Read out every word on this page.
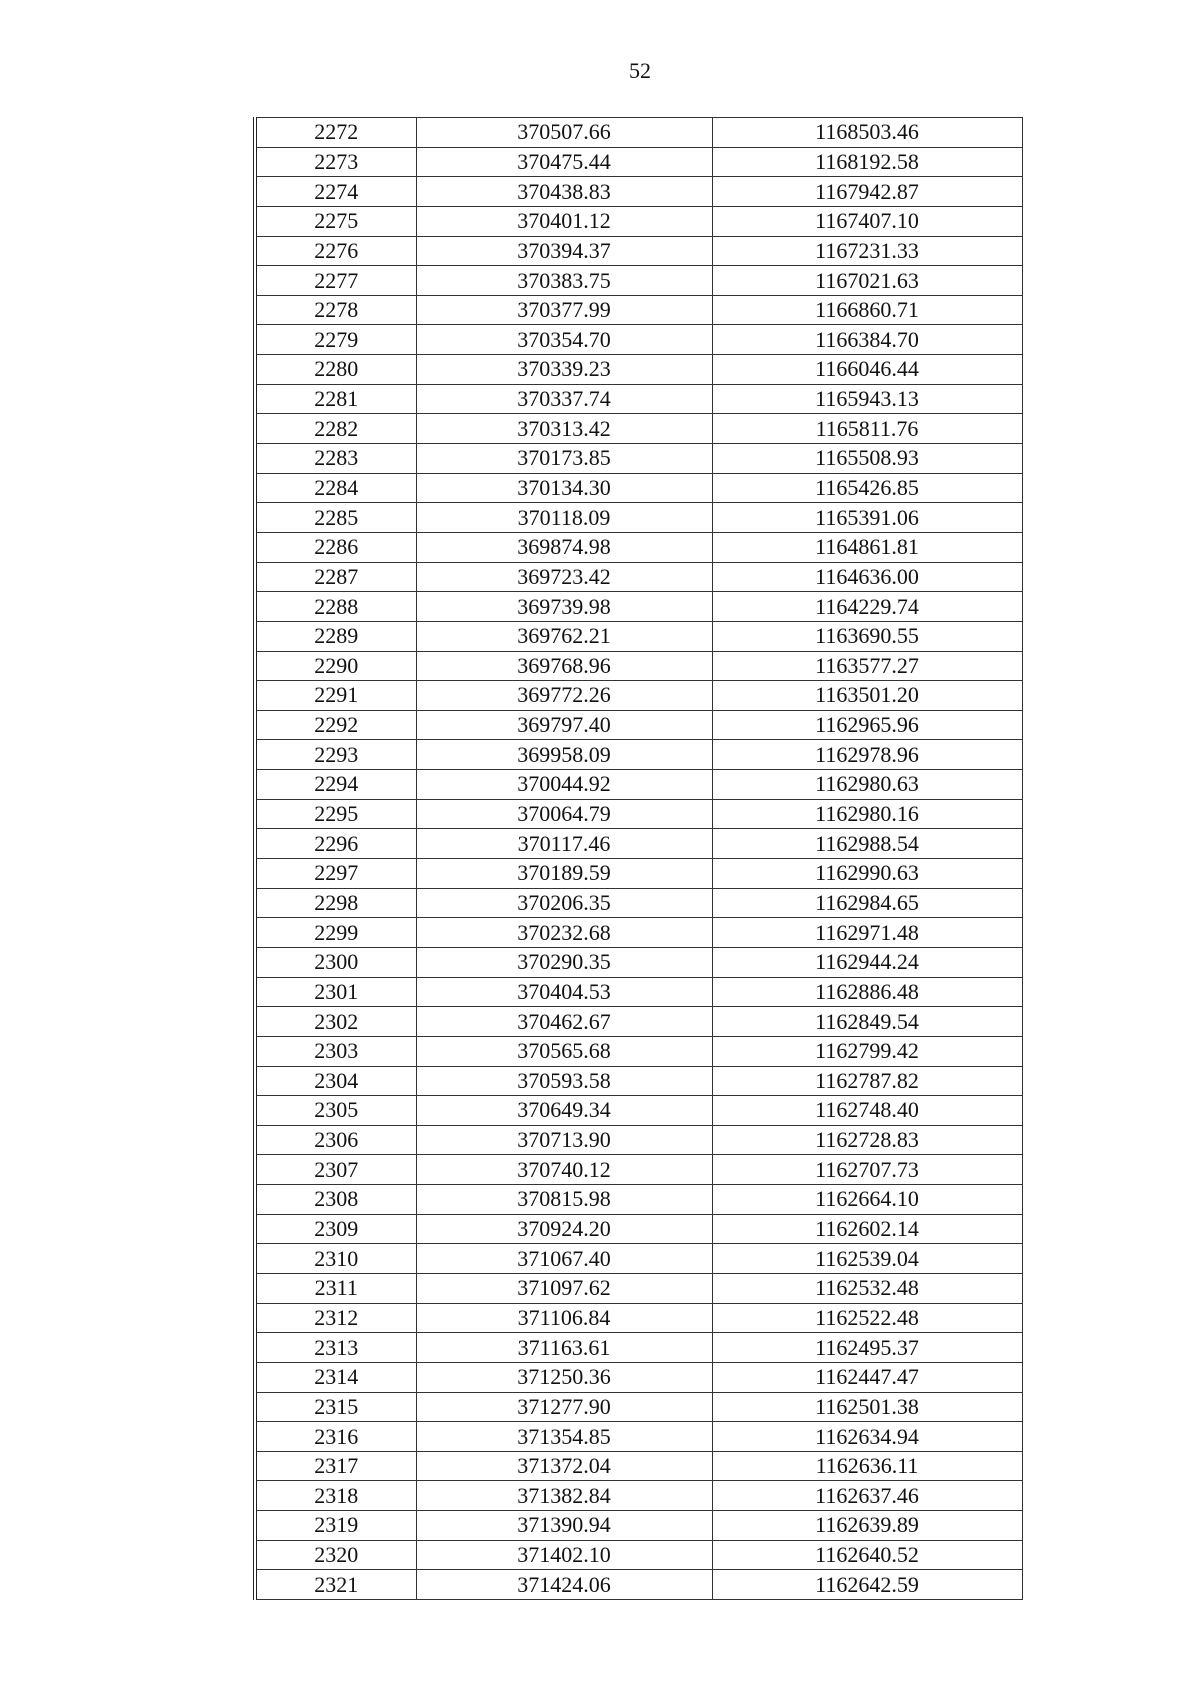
52
2272	370507.66	1168503.46
2273	370475.44	1168192.58
2274	370438.83	1167942.87
2275	370401.12	1167407.10
2276	370394.37	1167231.33
2277	370383.75	1167021.63
2278	370377.99	1166860.71
2279	370354.70	1166384.70
2280	370339.23	1166046.44
2281	370337.74	1165943.13
2282	370313.42	1165811.76
2283	370173.85	1165508.93
2284	370134.30	1165426.85
2285	370118.09	1165391.06
2286	369874.98	1164861.81
2287	369723.42	1164636.00
2288	369739.98	1164229.74
2289	369762.21	1163690.55
2290	369768.96	1163577.27
2291	369772.26	1163501.20
2292	369797.40	1162965.96
2293	369958.09	1162978.96
2294	370044.92	1162980.63
2295	370064.79	1162980.16
2296	370117.46	1162988.54
2297	370189.59	1162990.63
2298	370206.35	1162984.65
2299	370232.68	1162971.48
2300	370290.35	1162944.24
2301	370404.53	1162886.48
2302	370462.67	1162849.54
2303	370565.68	1162799.42
2304	370593.58	1162787.82
2305	370649.34	1162748.40
2306	370713.90	1162728.83
2307	370740.12	1162707.73
2308	370815.98	1162664.10
2309	370924.20	1162602.14
2310	371067.40	1162539.04
2311	371097.62	1162532.48
2312	371106.84	1162522.48
2313	371163.61	1162495.37
2314	371250.36	1162447.47
2315	371277.90	1162501.38
2316	371354.85	1162634.94
2317	371372.04	1162636.11
2318	371382.84	1162637.46
2319	371390.94	1162639.89
2320	371402.10	1162640.52
2321	371424.06	1162642.59
